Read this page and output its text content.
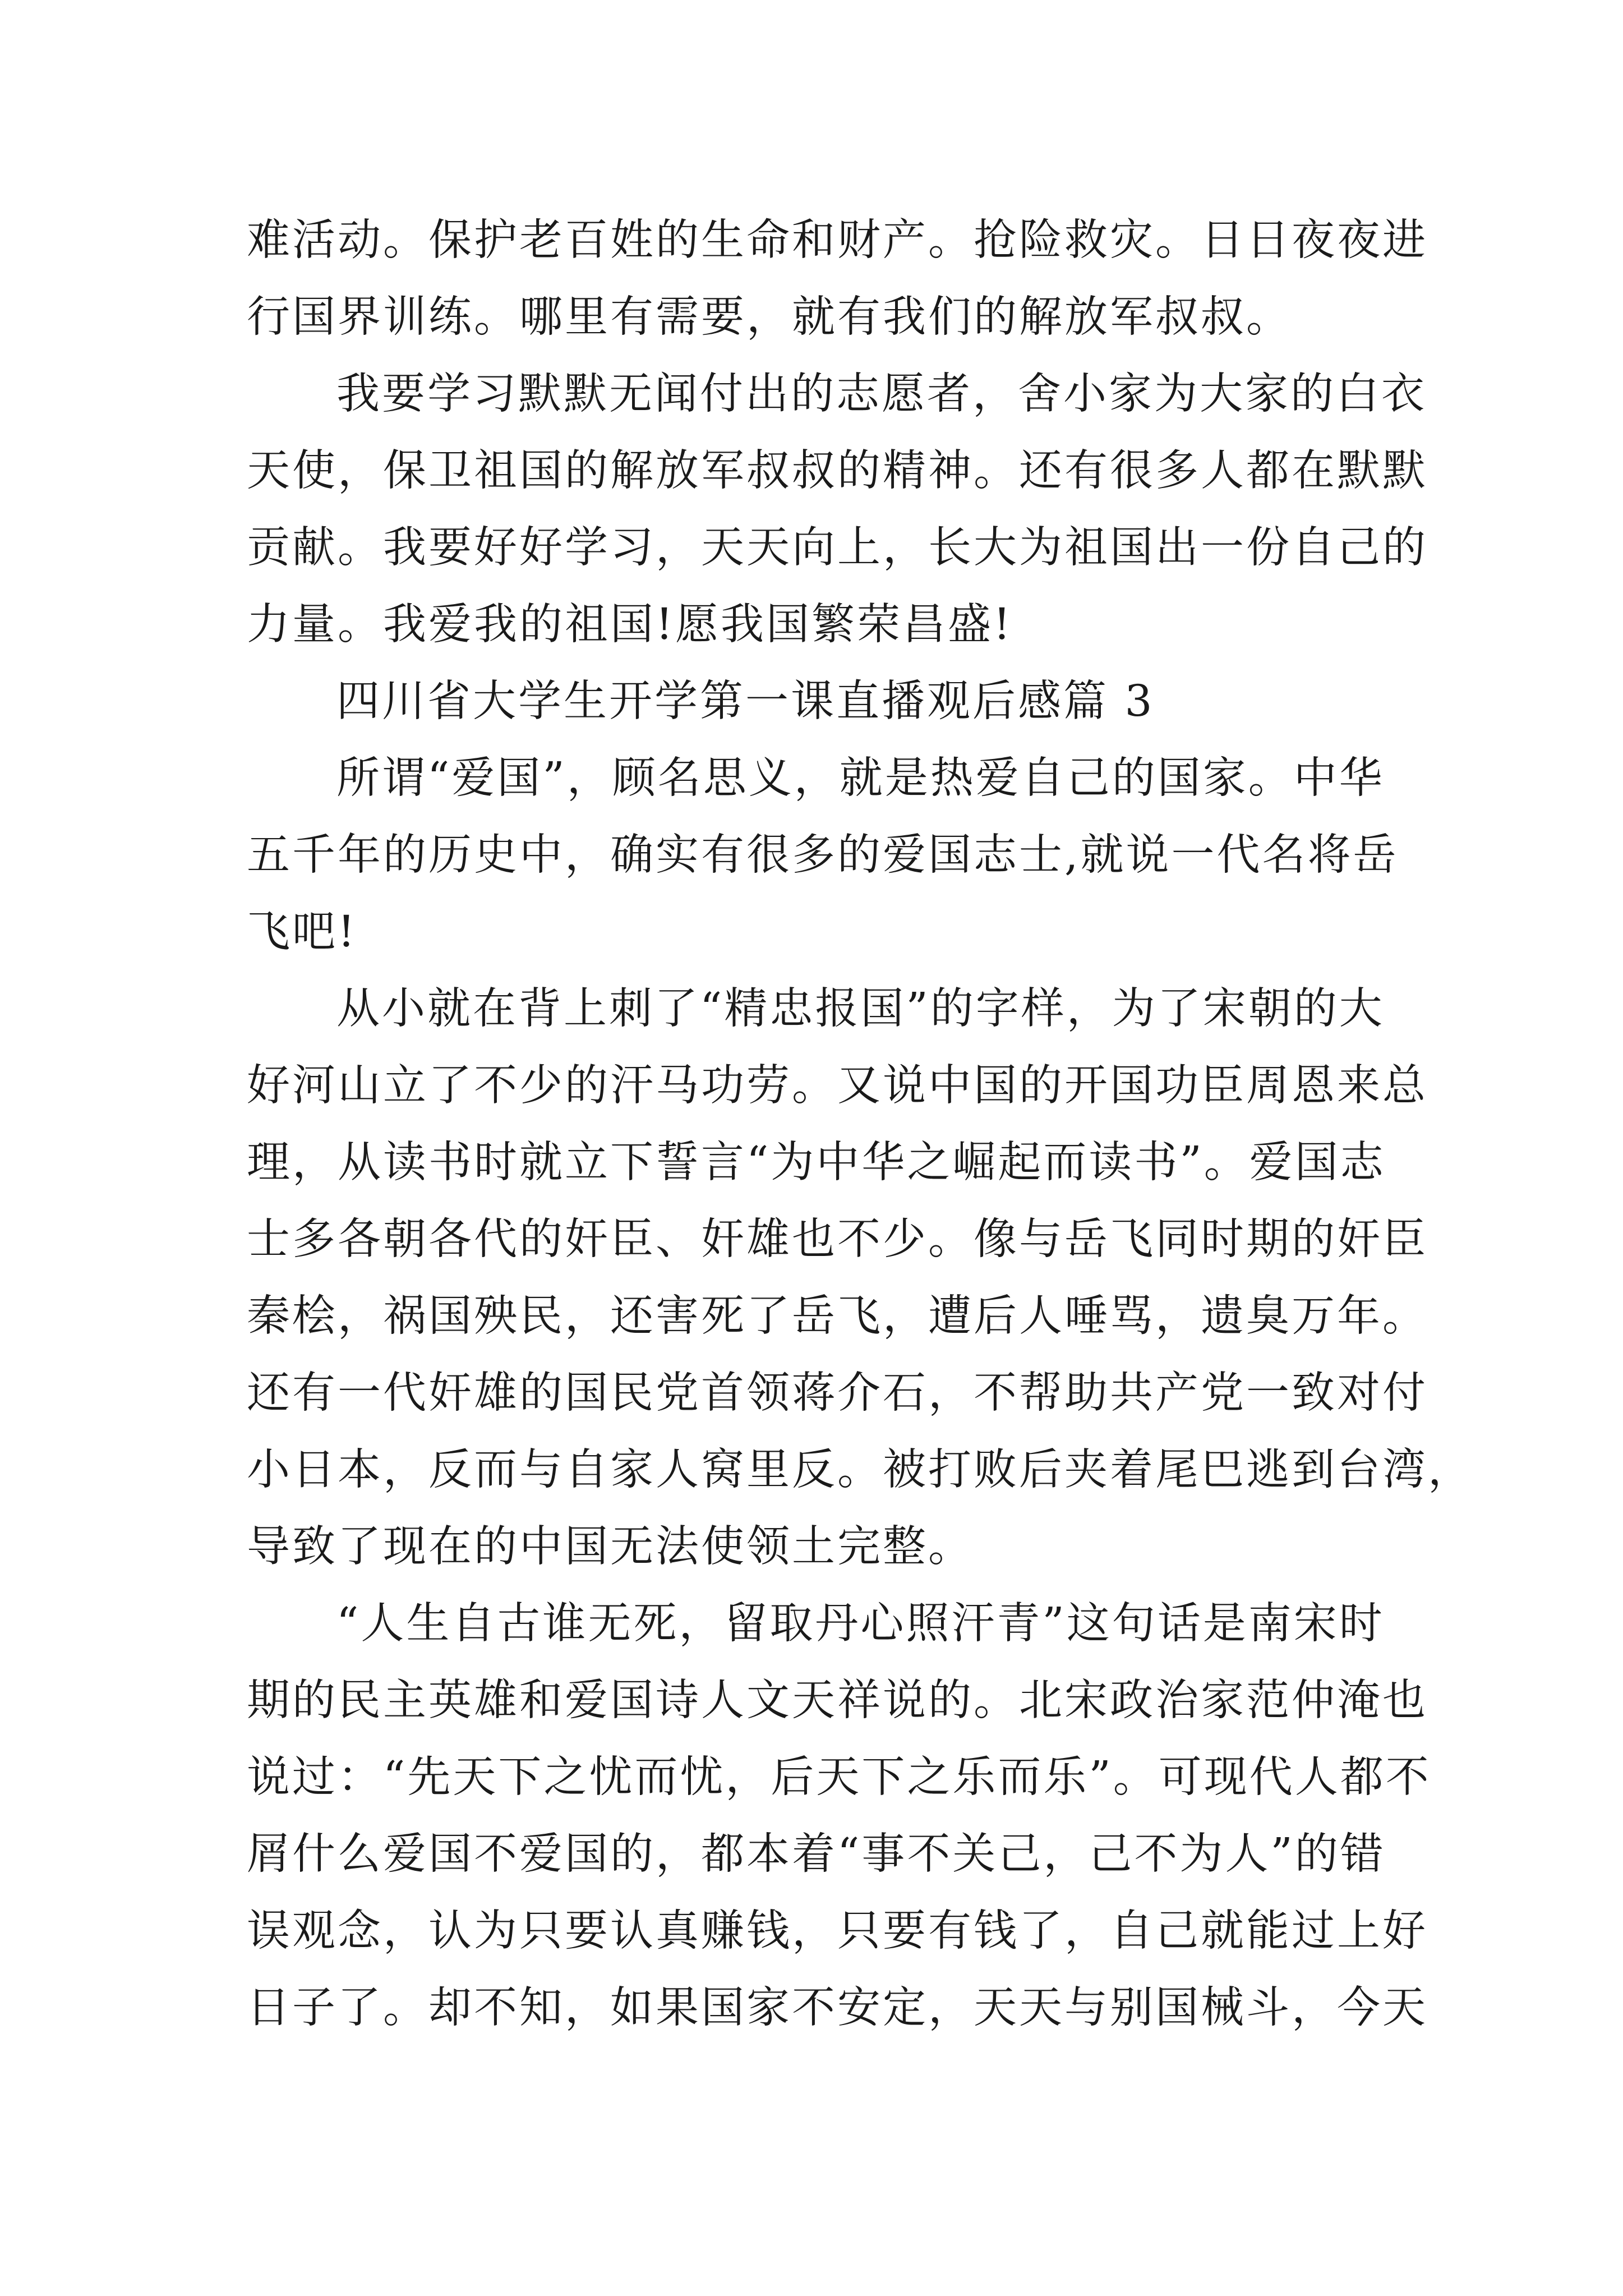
难活动。保护老百姓的生命和财产。抢险救灾。日日夜夜进
行国界训练。哪里有需要，就有我们的解放军叔叔。
我要学习默默无闻付出的志愿者，舍小家为大家的白衣
天使，保卫祖国的解放军叔叔的精神。还有很多人都在默默
贡献。我要好好学习，天天向上，长大为祖国出一份自己的
力量。我爱我的祖国!愿我国繁荣昌盛!
四川省大学生开学第一课直播观后感篇 3
所谓“爱国”，顾名思义，就是热爱自己的国家。中华
五千年的历史中，确实有很多的爱国志士,就说一代名将岳
飞吧!
从小就在背上刺了“精忠报国”的字样，为了宋朝的大
好河山立了不少的汗马功劳。又说中国的开国功臣周恩来总
理，从读书时就立下誓言“为中华之崛起而读书”。爱国志
士多各朝各代的奸臣、奸雄也不少。像与岳飞同时期的奸臣
秦桧，祸国殃民，还害死了岳飞，遭后人唾骂，遗臭万年。
还有一代奸雄的国民党首领蒋介石，不帮助共产党一致对付
小日本，反而与自家人窝里反。被打败后夹着尾巴逃到台湾，
导致了现在的中国无法使领土完整。
“人生自古谁无死，留取丹心照汗青”这句话是南宋时
期的民主英雄和爱国诗人文天祥说的。北宋政治家范仲淹也
说过：“先天下之忧而忧，后天下之乐而乐”。可现代人都不
屑什么爱国不爱国的，都本着“事不关己，己不为人”的错
误观念，认为只要认真赚钱，只要有钱了，自己就能过上好
日子了。却不知，如果国家不安定，天天与别国械斗，今天
